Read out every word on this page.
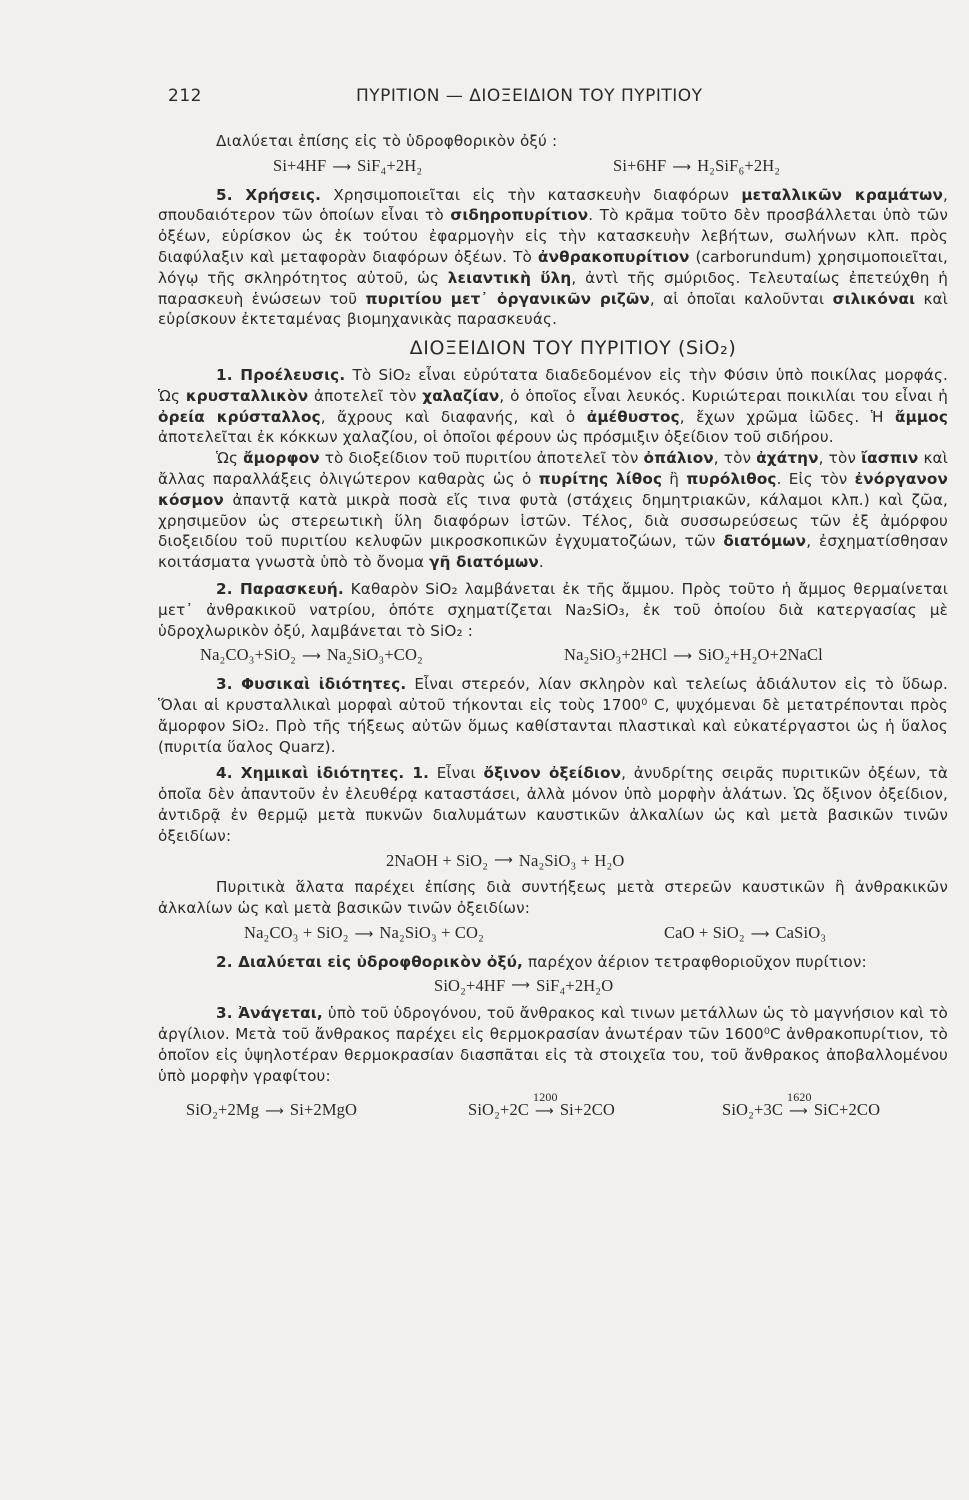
212	ΠΥΡΙΤΙΟΝ — ΔΙΟΞΕΙΔΙΟΝ ΤΟΥ ΠΥΡΙΤΙΟΥ

Διαλύεται ἐπίσης εἰς τὸ ὑδροφθορικὸν ὀξύ :

Si+4HF ⟶ SiF₄+2H₂	Si+6HF ⟶ H₂SiF₆+2H₂

5. Χρήσεις. Χρησιμοποιεῖται εἰς τὴν κατασκευὴν διαφόρων μεταλλικῶν κραμάτων, σπουδαιότερον τῶν ὁποίων εἶναι τὸ σιδηροπυρίτιον. Τὸ κρᾶμα τοῦτο δὲν προσβάλλεται ὑπὸ τῶν ὀξέων, εὑρίσκον ὡς ἐκ τούτου ἐφαρμογὴν εἰς τὴν κατασκευὴν λεβήτων, σωλήνων κλπ. πρὸς διαφύλαξιν καὶ μεταφορὰν διαφόρων ὀξέων. Τὸ ἀνθρακοπυρίτιον (carborundum) χρησιμοποιεῖται, λόγῳ τῆς σκληρότητος αὐτοῦ, ὡς λειαντικὴ ὕλη, ἀντὶ τῆς σμύριδος. Τελευταίως ἐπετεύχθη ἡ παρασκευὴ ἑνώσεων τοῦ πυριτίου μετ᾽ ὀργανικῶν ριζῶν, αἱ ὁποῖαι καλοῦνται σιλικόναι καὶ εὑρίσκουν ἐκτεταμένας βιομηχανικὰς παρασκευάς.

ΔΙΟΞΕΙΔΙΟΝ ΤΟΥ ΠΥΡΙΤΙΟΥ (SiO₂)

1. Προέλευσις. Τὸ SiO₂ εἶναι εὐρύτατα διαδεδομένον εἰς τὴν Φύσιν ὑπὸ ποικίλας μορφάς. Ὡς κρυσταλλικὸν ἀποτελεῖ τὸν χαλαζίαν, ὁ ὁποῖος εἶναι λευκός. Κυριώτεραι ποικιλίαι του εἶναι ἡ ὀρεία κρύσταλλος, ἄχρους καὶ διαφανής, καὶ ὁ ἀμέθυστος, ἔχων χρῶμα ἰῶδες. Ἡ ἄμμος ἀποτελεῖται ἐκ κόκκων χαλαζίου, οἱ ὁποῖοι φέρουν ὡς πρόσμιξιν ὀξείδιον τοῦ σιδήρου.

Ὡς ἄμορφον τὸ διοξείδιον τοῦ πυριτίου ἀποτελεῖ τὸν ὀπάλιον, τὸν ἀχάτην, τὸν ἴασπιν καὶ ἄλλας παραλλάξεις ὀλιγώτερον καθαρὰς ὡς ὁ πυρίτης λίθος ἢ πυρόλιθος. Εἰς τὸν ἐνόργανον κόσμον ἀπαντᾷ κατὰ μικρὰ ποσὰ εἴς τινα φυτὰ (στάχεις δημητριακῶν, κάλαμοι κλπ.) καὶ ζῶα, χρησιμεῦον ὡς στερεωτικὴ ὕλη διαφόρων ἱστῶν. Τέλος, διὰ συσσωρεύσεως τῶν ἐξ ἀμόρφου διοξειδίου τοῦ πυριτίου κελυφῶν μικροσκοπικῶν ἐγχυματοζώων, τῶν διατόμων, ἐσχηματίσθησαν κοιτάσματα γνωστὰ ὑπὸ τὸ ὄνομα γῆ διατόμων.

2. Παρασκευή. Καθαρὸν SiO₂ λαμβάνεται ἐκ τῆς ἄμμου. Πρὸς τοῦτο ἡ ἄμμος θερμαίνεται μετ᾽ ἀνθρακικοῦ νατρίου, ὁπότε σχηματίζεται Na₂SiO₃, ἐκ τοῦ ὁποίου διὰ κατεργασίας μὲ ὑδροχλωρικὸν ὀξύ, λαμβάνεται τὸ SiO₂ :

Na₂CO₃+SiO₂ ⟶ Na₂SiO₃+CO₂	Na₂SiO₃+2HCl ⟶ SiO₂+H₂O+2NaCl

3. Φυσικαὶ ἰδιότητες. Εἶναι στερεόν, λίαν σκληρὸν καὶ τελείως ἀδιάλυτον εἰς τὸ ὕδωρ. Ὅλαι αἱ κρυσταλλικαὶ μορφαὶ αὐτοῦ τήκονται εἰς τοὺς 1700⁰ C, ψυχόμεναι δὲ μετατρέπονται πρὸς ἄμορφον SiO₂. Πρὸ τῆς τήξεως αὐτῶν ὅμως καθίστανται πλαστικαὶ καὶ εὐκατέργαστοι ὡς ἡ ὕαλος (πυριτία ὕαλος Quarz).

4. Χημικαὶ ἰδιότητες. 1. Εἶναι ὄξινον ὀξείδιον, ἀνυδρίτης σειρᾶς πυριτικῶν ὀξέων, τὰ ὁποῖα δὲν ἀπαντοῦν ἐν ἐλευθέρᾳ καταστάσει, ἀλλὰ μόνον ὑπὸ μορφὴν ἁλάτων. Ὡς ὄξινον ὀξείδιον, ἀντιδρᾷ ἐν θερμῷ μετὰ πυκνῶν διαλυμάτων καυστικῶν ἀλκαλίων ὡς καὶ μετὰ βασικῶν τινῶν ὀξειδίων:

2NaOH + SiO₂ ⟶ Na₂SiO₃ + H₂O

Πυριτικὰ ἅλατα παρέχει ἐπίσης διὰ συντήξεως μετὰ στερεῶν καυστικῶν ἢ ἀνθρακικῶν ἀλκαλίων ὡς καὶ μετὰ βασικῶν τινῶν ὀξειδίων:

Na₂CO₃ + SiO₂ ⟶ Na₂SiO₃ + CO₂	CaO + SiO₂ ⟶ CaSiO₃

2. Διαλύεται εἰς ὑδροφθορικὸν ὀξύ, παρέχον ἀέριον τετραφθοριοῦχον πυρίτιον:

SiO₂+4HF ⟶ SiF₄+2H₂O

3. Ἀνάγεται, ὑπὸ τοῦ ὑδρογόνου, τοῦ ἄνθρακος καὶ τινων μετάλλων ὡς τὸ μαγνήσιον καὶ τὸ ἀργίλιον. Μετὰ τοῦ ἄνθρακος παρέχει εἰς θερμοκρασίαν ἀνωτέραν τῶν 1600⁰C ἀνθρακοπυρίτιον, τὸ ὁποῖον εἰς ὑψηλοτέραν θερμοκρασίαν διασπᾶται εἰς τὰ στοιχεῖα του, τοῦ ἄνθρακος ἀποβαλλομένου ὑπὸ μορφὴν γραφίτου:

SiO₂+2Mg ⟶ Si+2MgO	SiO₂+2C
1200
⟶ Si+2CO	SiO₂+3C
1620
⟶ SiC+2CO
